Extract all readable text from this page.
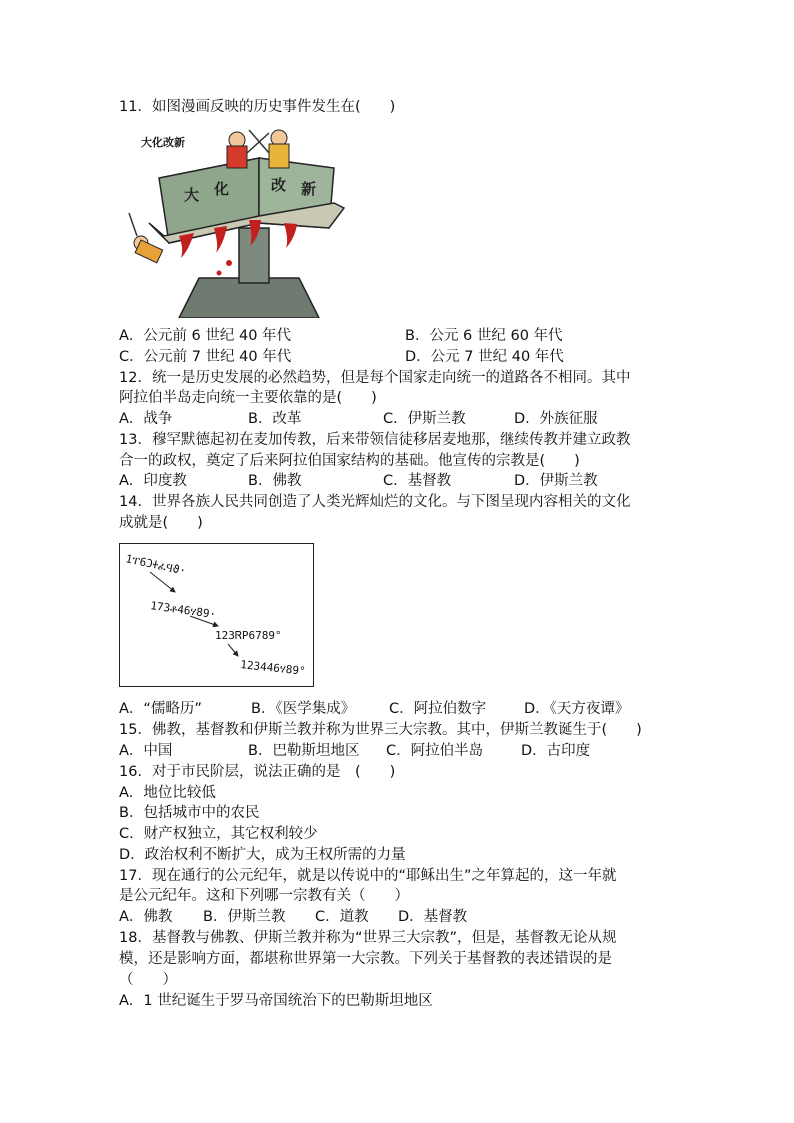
11．如图漫画反映的历史事件发生在(　　)
大 化	改 新
大化改新
A．公元前 6 世纪 40 年代	B．公元 6 世纪 60 年代
C．公元前 7 世纪 40 年代	D．公元 7 世纪 40 年代
12．统一是历史发展的必然趋势，但是每个国家走向统一的道路各不相同。其中
阿拉伯半岛走向统一主要依靠的是(　　)
A．战争	B．改革	C．伊斯兰教	D．外族征服
13．穆罕默德起初在麦加传教，后来带领信徒移居麦地那，继续传教并建立政教
合一的政权，奠定了后来阿拉伯国家结构的基础。他宣传的宗教是(　　)
A．印度教	B．佛教	C．基督教	D．伊斯兰教
14．世界各族人民共同创造了人类光辉灿烂的文化。与下图呈现内容相关的文化
成就是(　　)
1ፐ6ϽᏐፈϤϑ·
173ቶ46ሃ89·
123ᏒP6789°
123446ሃ89°
A．“儒略历”	B．《医学集成》 C．阿拉伯数字	D．《天方夜谭》
15．佛教，基督教和伊斯兰教并称为世界三大宗教。其中，伊斯兰教诞生于(　　)
A．中国	B．巴勒斯坦地区 C．阿拉伯半岛	D．古印度
16．对于市民阶层，说法正确的是　(　　)
A．地位比较低
B．包括城市中的农民
C．财产权独立，其它权利较少
D．政治权利不断扩大，成为王权所需的力量
17．现在通行的公元纪年，就是以传说中的“耶稣出生”之年算起的，这一年就
是公元纪年。这和下列哪一宗教有关（　　）
A．佛教 B．伊斯兰教 C．道教 D．基督教
18．基督教与佛教、伊斯兰教并称为“世界三大宗教”，但是，基督教无论从规
模，还是影响方面，都堪称世界第一大宗教。下列关于基督教的表述错误的是
（　　）
A．1 世纪诞生于罗马帝国统治下的巴勒斯坦地区
